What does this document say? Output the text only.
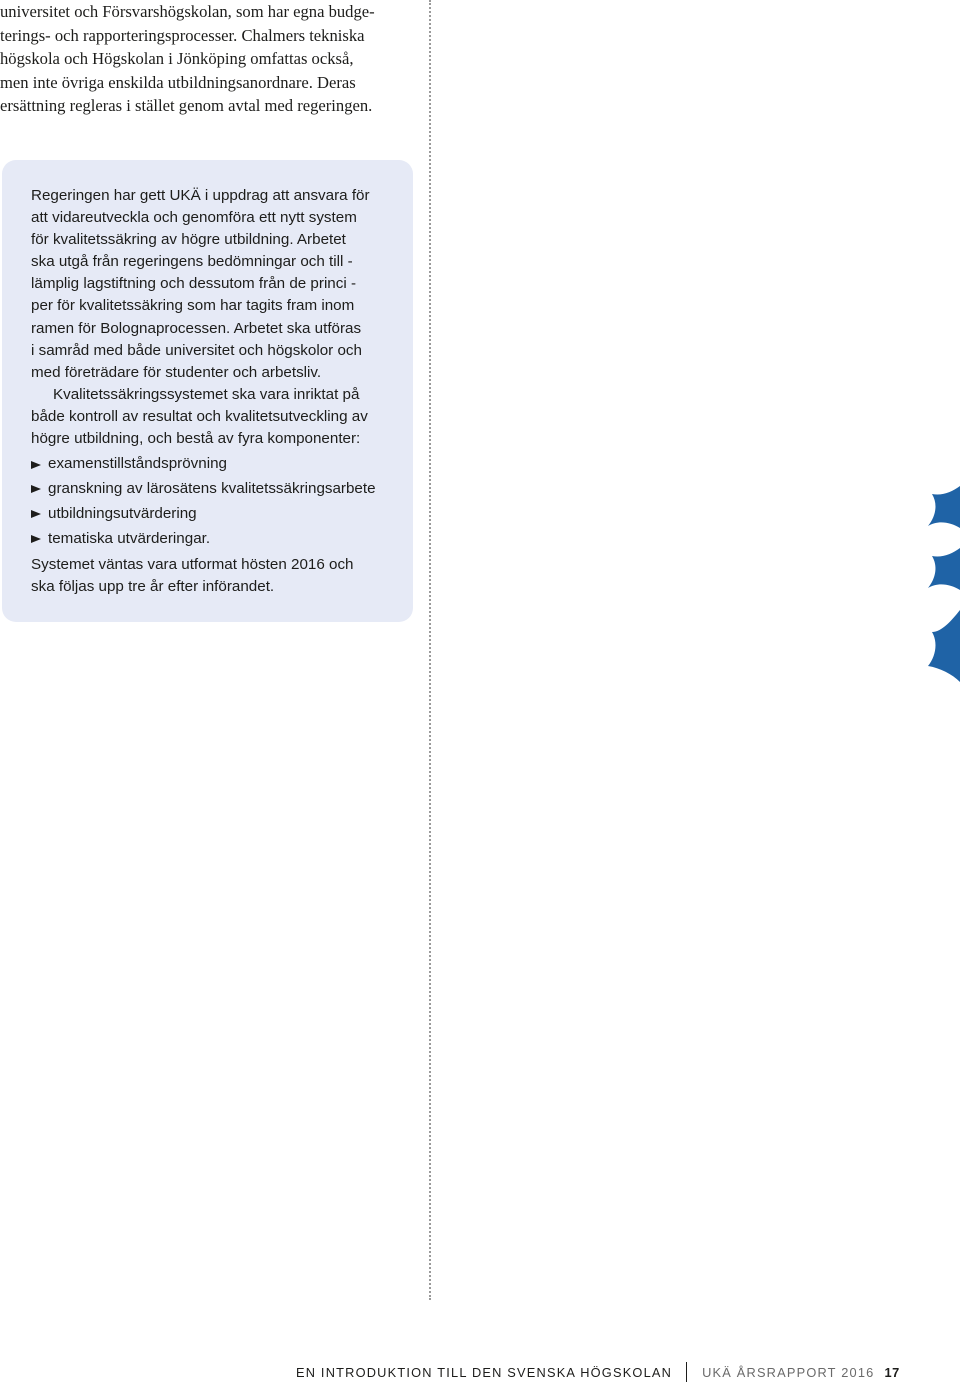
universitet och Försvarshögskolan, som har egna budge-
terings- och rapporteringsprocesser. Chalmers tekniska
högskola och Högskolan i Jönköping omfattas också,
men inte övriga enskilda utbildningsanordnare. Deras
ersättning regleras i stället genom avtal med regeringen.
Regeringen har gett UKÄ i uppdrag att ansvara för
att vidareutveckla och genomföra ett nytt system
för kvalitetssäkring av högre utbildning. Arbetet
ska utgå från regeringens bedömningar och till -
lämplig lagstiftning och dessutom från de princi -
per för kvalitetssäkring som har tagits fram inom
ramen för Bolognaprocessen. Arbetet ska utföras
i samråd med både universitet och högskolor och
med företrädare för studenter och arbetsliv.
Kvalitetssäkringssystemet ska vara inriktat på
både kontroll av resultat och kvalitetsutveckling av
högre utbildning, och bestå av fyra komponenter:
examenstillståndsprövning
granskning av lärosätens kvalitetssäkringsarbete
utbildningsutvärdering
tematiska utvärderingar.
Systemet väntas vara utformat hösten 2016 och
ska följas upp tre år efter införandet.
EN INTRODUKTION TILL DEN SVENSKA HÖGSKOLAN UKÄ ÅRSRAPPORT 2016 17
